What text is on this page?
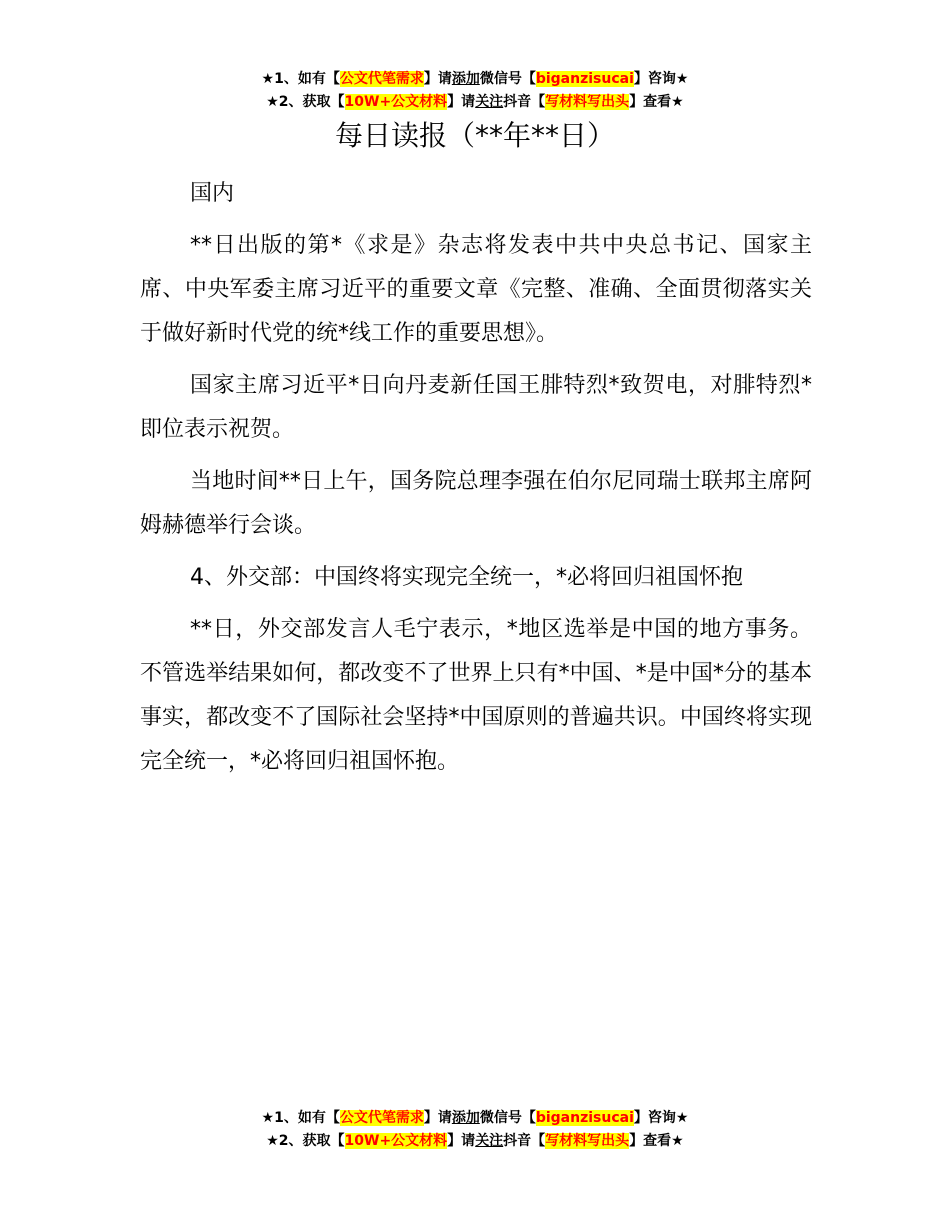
★1、如有【公文代笔需求】请添加微信号【biganzisucai】咨询★
★2、获取【10W+公文材料】请关注抖音【写材料写出头】查看★
每日读报（**年**日）

国内

**日出版的第*《求是》杂志将发表中共中央总书记、国家主席、中央军委主席习近平的重要文章《完整、准确、全面贯彻落实关于做好新时代党的统*线工作的重要思想》。

国家主席习近平*日向丹麦新任国王腓特烈*致贺电，对腓特烈*即位表示祝贺。

当地时间**日上午，国务院总理李强在伯尔尼同瑞士联邦主席阿姆赫德举行会谈。

4、外交部：中国终将实现完全统一，*必将回归祖国怀抱

**日，外交部发言人毛宁表示，*地区选举是中国的地方事务。不管选举结果如何，都改变不了世界上只有*中国、*是中国*分的基本事实，都改变不了国际社会坚持*中国原则的普遍共识。中国终将实现完全统一，*必将回归祖国怀抱。

★1、如有【公文代笔需求】请添加微信号【biganzisucai】咨询★
★2、获取【10W+公文材料】请关注抖音【写材料写出头】查看★
